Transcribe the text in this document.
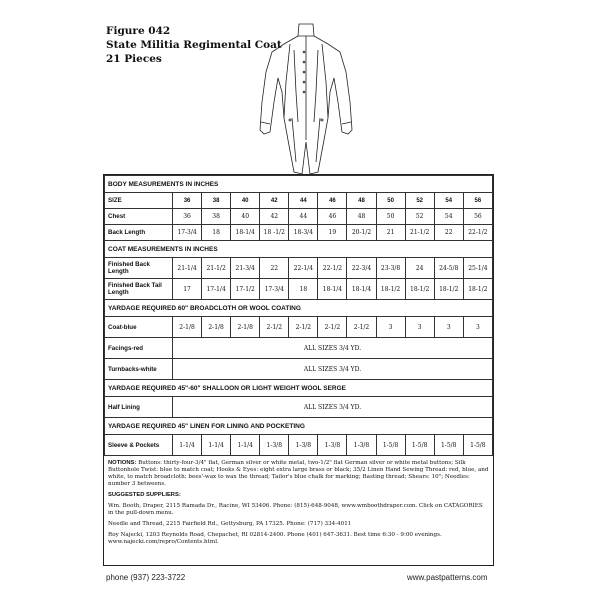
Figure 042
State Militia Regimental Coat
21 Pieces
BODY MEASUREMENTS IN INCHES											
SIZE	36	38	40	42	44	46	48	50	52	54	56
Chest	36	38	40	42	44	46	48	50	52	54	56
Back Length	17-3/4	18	18-1/4	18 -1/2	18-3/4	19	20-1/2	21	21-1/2	22	22-1/2
COAT MEASUREMENTS IN INCHES											
Finished Back Length	21-1/4	21-1/2	21-3/4	22	22-1/4	22-1/2	22-3/4	23-3/8	24	24-5/8	25-1/4
Finished Back Tail Length	17	17-1/4	17-1/2	17-3/4	18	18-1/4	18-1/4	18-1/2	18-1/2	18-1/2	18-1/2
YARDAGE REQUIRED 60" BROADCLOTH OR WOOL COATING											
Coat-blue	2-1/8	2-1/8	2-1/8	2-1/2	2-1/2	2-1/2	2-1/2	3	3	3	3
Facings-red	ALL SIZES 3/4 YD.										
Turnbacks-white	ALL SIZES 3/4 YD.										
YARDAGE REQUIRED 45"-60" SHALLOON OR LIGHT WEIGHT WOOL SERGE											
Half Lining	ALL SIZES 3/4 YD.										
YARDAGE REQUIRED 45" LINEN FOR LINING AND POCKETING											
Sleeve & Pockets	1-1/4	1-1/4	1-1/4	1-3/8	1-3/8	1-3/8	1-3/8	1-5/8	1-5/8	1-5/8	1-5/8

NOTIONS: Buttons: thirty-four-3/4" flat, German silver or white metal, two-1/2" flat German silver or white metal buttons; Silk Buttonhole Twist: blue to match coat; Hooks & Eyes: eight extra large brass or black; 35/2 Linen Hand Sewing Thread: red, blue, and white, to match broadcloth; bees'-wax to wax the thread; Tailor's blue chalk for marking; Basting thread; Shears: 10"; Needles: number 3 betweens.

SUGGESTED SUPPLIERS:

Wm. Booth, Draper, 2115 Ramada Dr., Racine, WI 53406. Phone: (815)-648-9048, www.wmboothdraper.com. Click on CATAGORIES in the pull-down menu.

Needle and Thread, 2215 Fairfield Rd., Gettysburg, PA 17325. Phone: (717) 334-4011

Roy Najecki, 1203 Reynolds Road, Chepachet, RI 02814-2400. Phone (401) 647-3631. Best time 6:30 - 9:00 evenings. www.najecki.com/repro/Contents.html.

phone (937) 223-3722	www.pastpatterns.com
